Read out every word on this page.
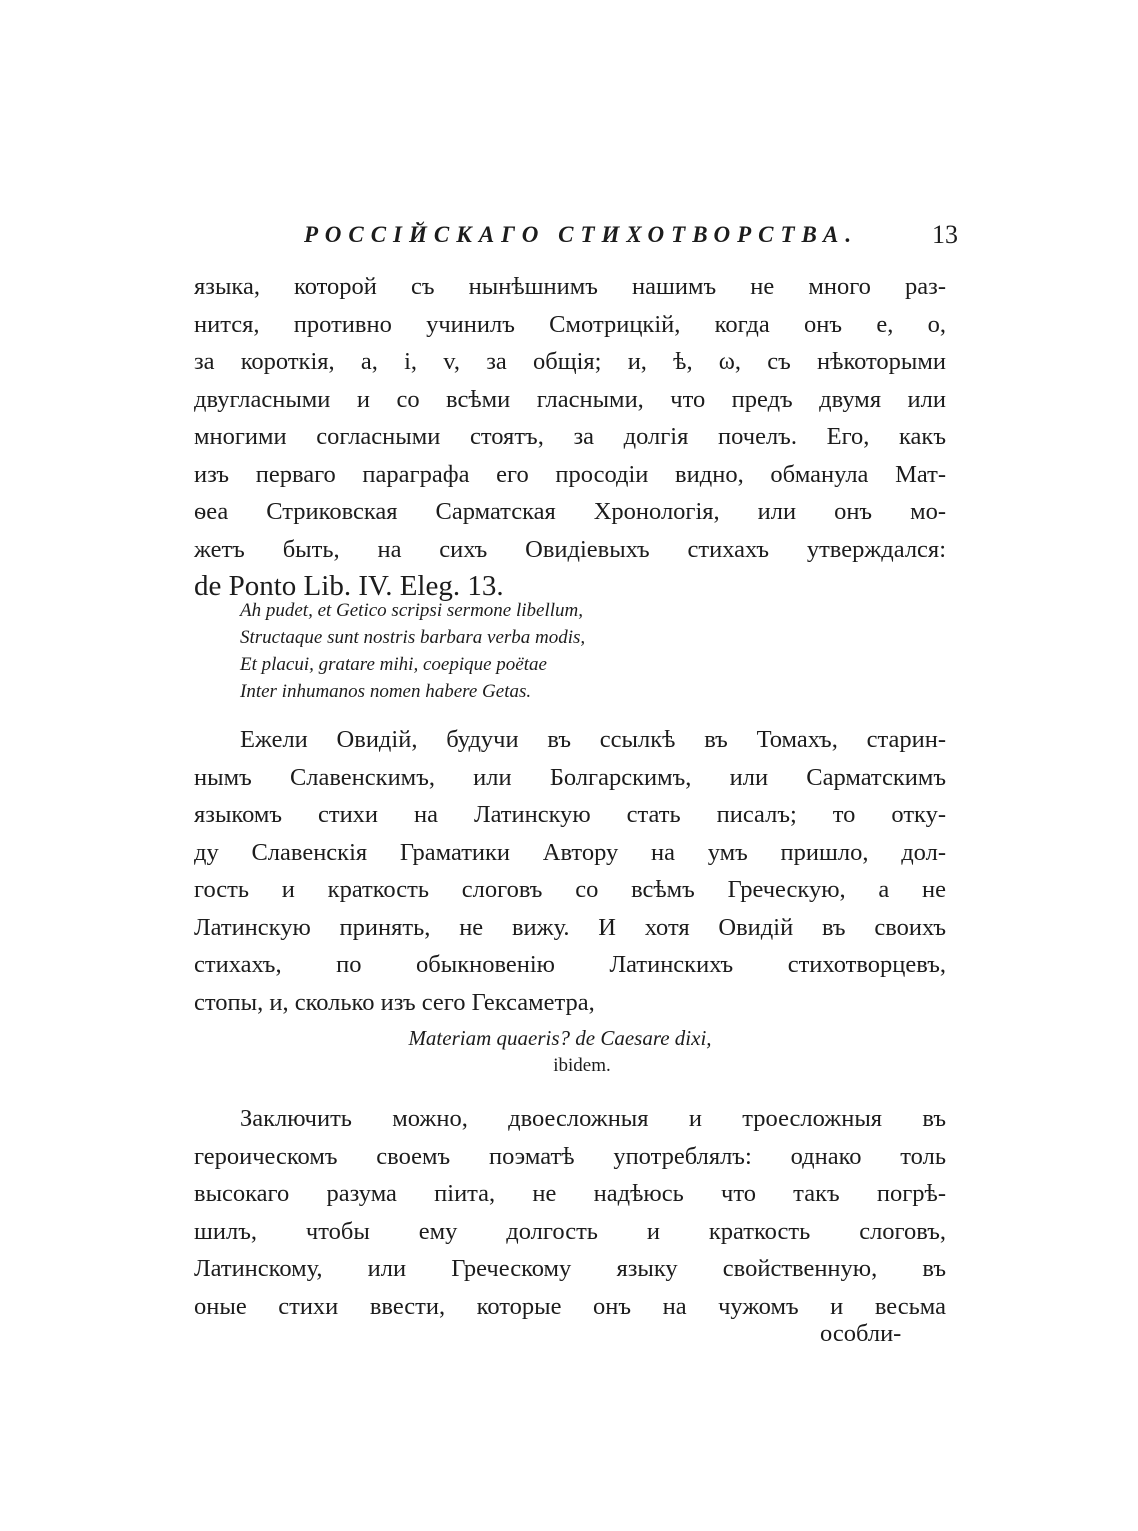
РОССІЙСКАГО СТИХОТВОРСТВА.	13
языка, которой съ нынѣшнимъ нашимъ не много раз-
нится, противно учинилъ Смотрицкій, когда онъ е, о,
за короткія, а, і, v, за общія; и, ѣ, ω, съ нѣкоторыми
двугласными и со всѣми гласными, что предъ двумя или
многими согласными стоятъ, за долгія почелъ. Его, какъ
изъ перваго параграфа его просодіи видно, обманула Мат-
ѳеа Стриковская Сарматская Хронологія, или онъ мо-
жетъ быть, на сихъ Овидіевыхъ стихахъ утверждался:
de Ponto Lib. IV. Eleg. 13.
Ah pudet, et Getico scripsi sermone libellum,
Structaque sunt nostris barbara verba modis,
Et placui, gratare mihi, coepique poëtae
Inter inhumanos nomen habere Getas.
Ежели Овидій, будучи въ ссылкѣ въ Томахъ, старин-
нымъ Славенскимъ, или Болгарскимъ, или Сарматскимъ
языкомъ стихи на Латинскую стать писалъ; то отку-
ду Славенскія Граматики Автору на умъ пришло, дол-
гость и краткость слоговъ со всѣмъ Греческую, а не
Латинскую принять, не вижу. И хотя Овидій въ своихъ
стихахъ, по обыкновенію Латинскихъ стихотворцевъ,
стопы, и, сколько изъ сего Гексаметра,
Materiam quaeris? de Caesare dixi,
ibidem.
Заключить можно, двоесложныя и троесложныя въ
героическомъ своемъ поэматѣ употреблялъ: однако толь
высокаго разума піита, не надѣюсь что такъ погрѣ-
шилъ, чтобы ему долгость и краткость слоговъ,
Латинскому, или Греческому языку свойственную, въ
оные стихи ввести, которые онъ на чужомъ и весьма
особли-
